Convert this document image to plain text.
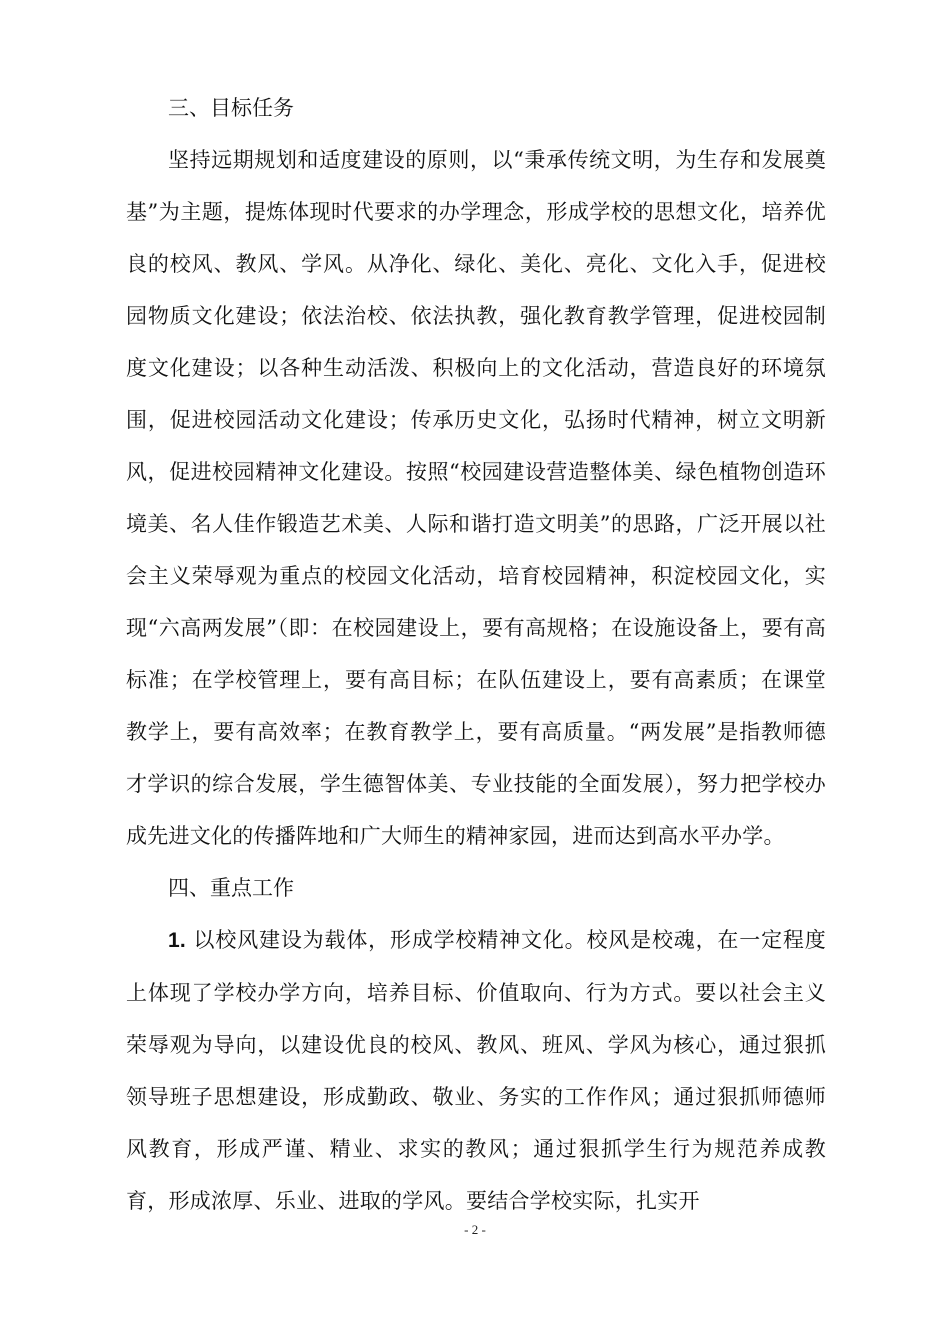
三、目标任务

坚持远期规划和适度建设的原则，以“秉承传统文明，为生存和发展奠基”为主题，提炼体现时代要求的办学理念，形成学校的思想文化，培养优良的校风、教风、学风。从净化、绿化、美化、亮化、文化入手，促进校园物质文化建设；依法治校、依法执教，强化教育教学管理，促进校园制度文化建设；以各种生动活泼、积极向上的文化活动，营造良好的环境氛围，促进校园活动文化建设；传承历史文化，弘扬时代精神，树立文明新风，促进校园精神文化建设。按照“校园建设营造整体美、绿色植物创造环境美、名人佳作锻造艺术美、人际和谐打造文明美”的思路，广泛开展以社会主义荣辱观为重点的校园文化活动，培育校园精神，积淀校园文化，实现“六高两发展”（即：在校园建设上，要有高规格；在设施设备上，要有高标准；在学校管理上，要有高目标；在队伍建设上，要有高素质；在课堂教学上，要有高效率；在教育教学上，要有高质量。“两发展”是指教师德才学识的综合发展，学生德智体美、专业技能的全面发展），努力把学校办成先进文化的传播阵地和广大师生的精神家园，进而达到高水平办学。

四、重点工作

1. 以校风建设为载体，形成学校精神文化。校风是校魂，在一定程度上体现了学校办学方向，培养目标、价值取向、行为方式。要以社会主义荣辱观为导向，以建设优良的校风、教风、班风、学风为核心，通过狠抓领导班子思想建设，形成勤政、敬业、务实的工作作风；通过狠抓师德师风教育，形成严谨、精业、求实的教风；通过狠抓学生行为规范养成教育，形成浓厚、乐业、进取的学风。要结合学校实际，扎实开

- 2 -
